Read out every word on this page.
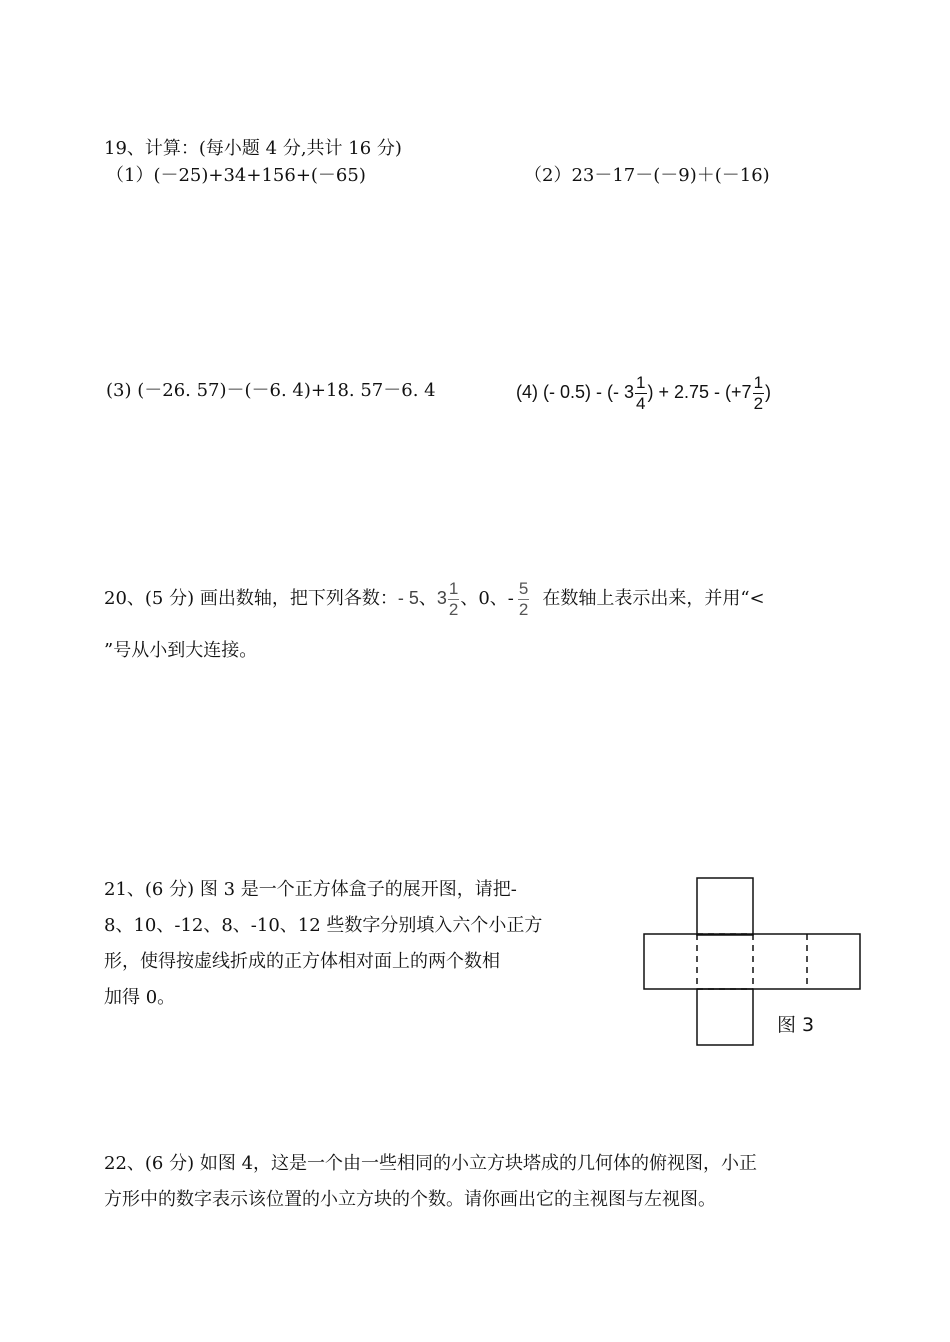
19、计算：(每小题 4 分,共计 16 分)
（1）(－25)+34+156+(－65)	（2）23－17－(－9)＋(－16)
(3) (－26. 57)－(－6. 4)+18. 57－6. 4	(4) (- 0.5) - (- $3 \frac{1}{4}$ ) + $2.75 - (+7 \frac{1}{2}$ )
20、(5 分) 画出数轴，把下列各数：- 5、$3 \frac{1}{2}$ 、0、- $\frac{5}{2}$ 在数轴上表示出来，并用“<
”号从小到大连接。
21、(6 分) 图 3 是一个正方体盒子的展开图，请把-
8、10、-12、8、-10、12 些数字分别填入六个小正方
形，使得按虚线折成的正方体相对面上的两个数相
加得 0。
图 3
22、(6 分) 如图 4，这是一个由一些相同的小立方块塔成的几何体的俯视图，小正
方形中的数字表示该位置的小立方块的个数。请你画出它的主视图与左视图。
